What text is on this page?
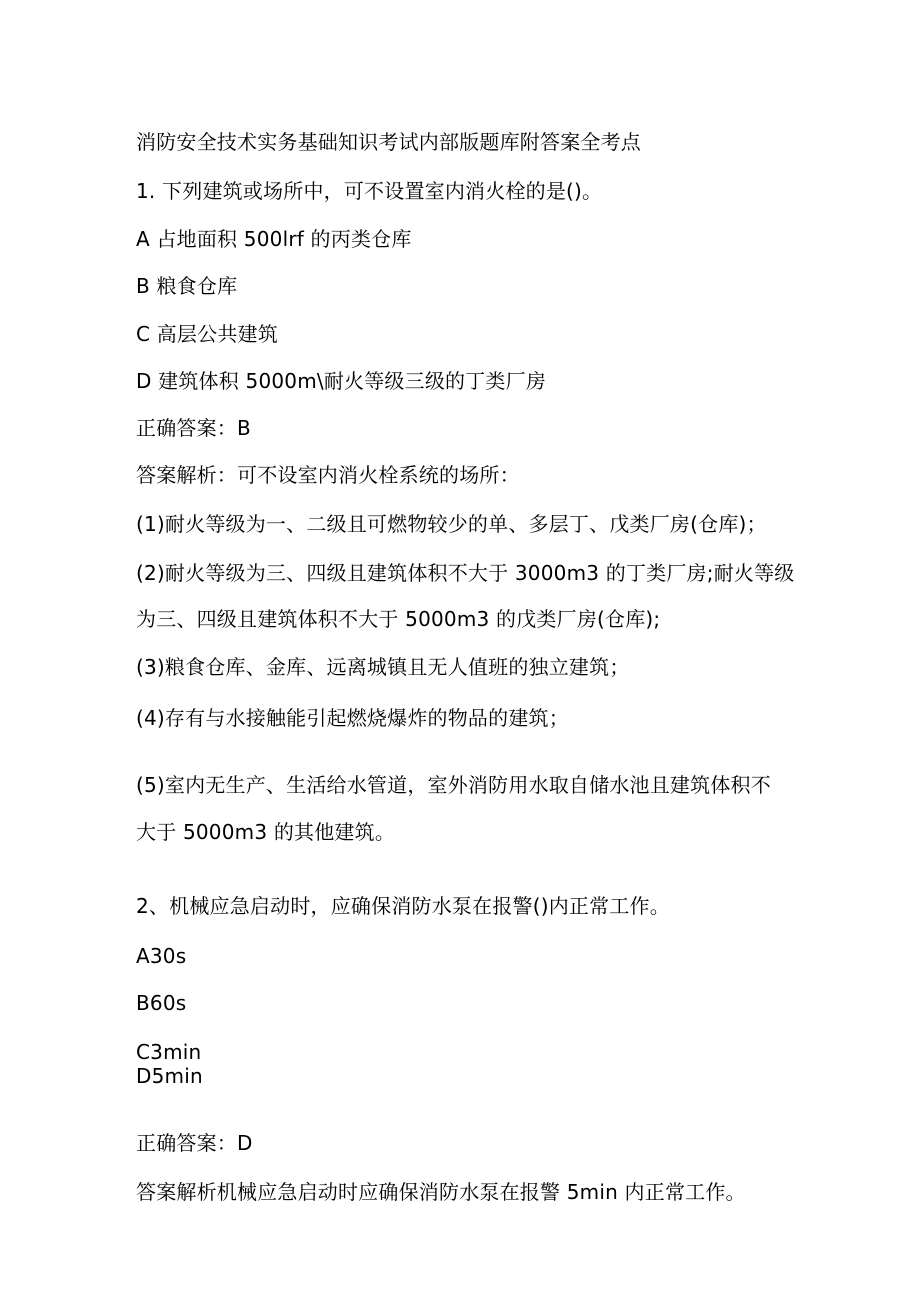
消防安全技术实务基础知识考试内部版题库附答案全考点
1. 下列建筑或场所中，可不设置室内消火栓的是()。
A 占地面积 500lrf 的丙类仓库
B 粮食仓库
C 高层公共建筑
D 建筑体积 5000m\耐火等级三级的丁类厂房
正确答案：B
答案解析：可不设室内消火栓系统的场所：
(1)耐火等级为一、二级且可燃物较少的单、多层丁、戊类厂房(仓库)；
(2)耐火等级为三、四级且建筑体积不大于 3000m3 的丁类厂房;耐火等级
为三、四级且建筑体积不大于 5000m3 的戊类厂房(仓库);
(3)粮食仓库、金库、远离城镇且无人值班的独立建筑；
(4)存有与水接触能引起燃烧爆炸的物品的建筑；
(5)室内无生产、生活给水管道，室外消防用水取自储水池且建筑体积不
大于 5000m3 的其他建筑。
2、机械应急启动时，应确保消防水泵在报警()内正常工作。
A30s
B60s
C3min
D5min
正确答案：D
答案解析机械应急启动时应确保消防水泵在报警 5min 内正常工作。
